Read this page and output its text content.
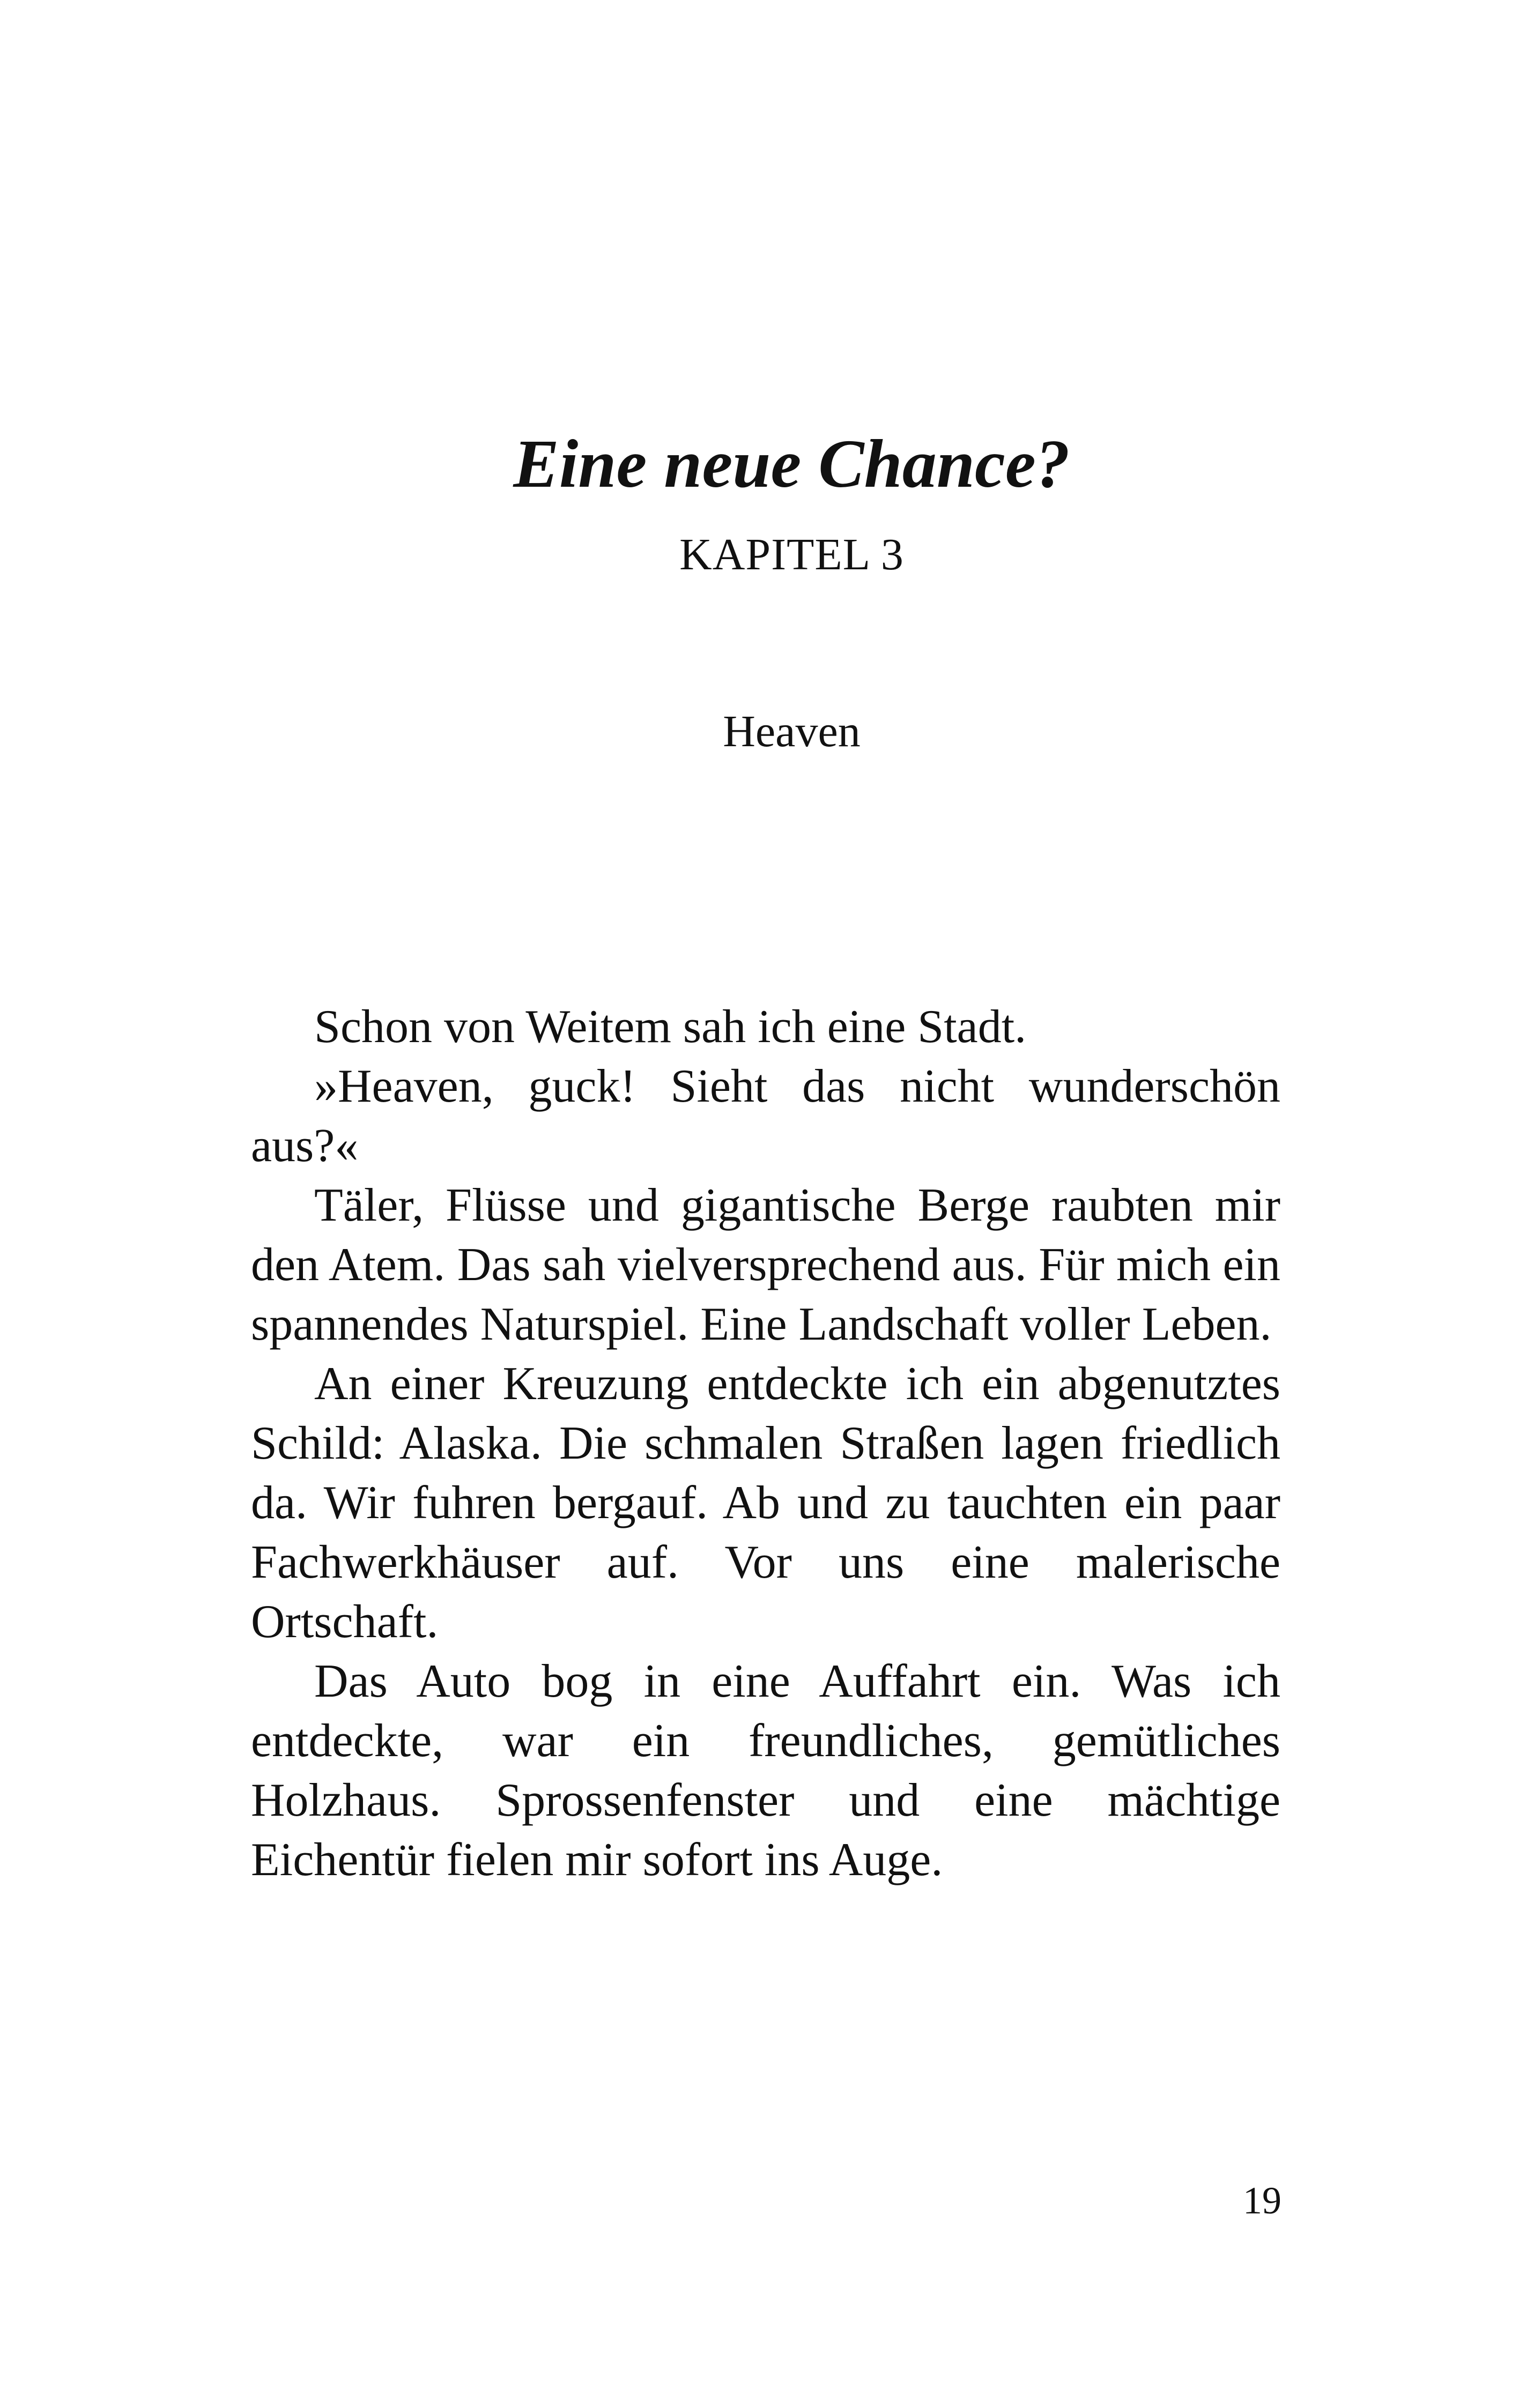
Eine neue Chance?
KAPITEL 3
Heaven

Schon von Weitem sah ich eine Stadt.

»Heaven, guck! Sieht das nicht wunderschön aus?«

Täler, Flüsse und gigantische Berge raubten mir den Atem. Das sah vielversprechend aus. Für mich ein spannendes Naturspiel. Eine Landschaft voller Leben.

An einer Kreuzung entdeckte ich ein abgenutztes Schild: Alaska. Die schmalen Straßen lagen friedlich da. Wir fuhren bergauf. Ab und zu tauchten ein paar Fachwerkhäuser auf. Vor uns eine malerische Ortschaft.

Das Auto bog in eine Auffahrt ein. Was ich entdeckte, war ein freundliches, gemütliches Holzhaus. Sprossenfenster und eine mächtige Eichentür fielen mir sofort ins Auge.

19
